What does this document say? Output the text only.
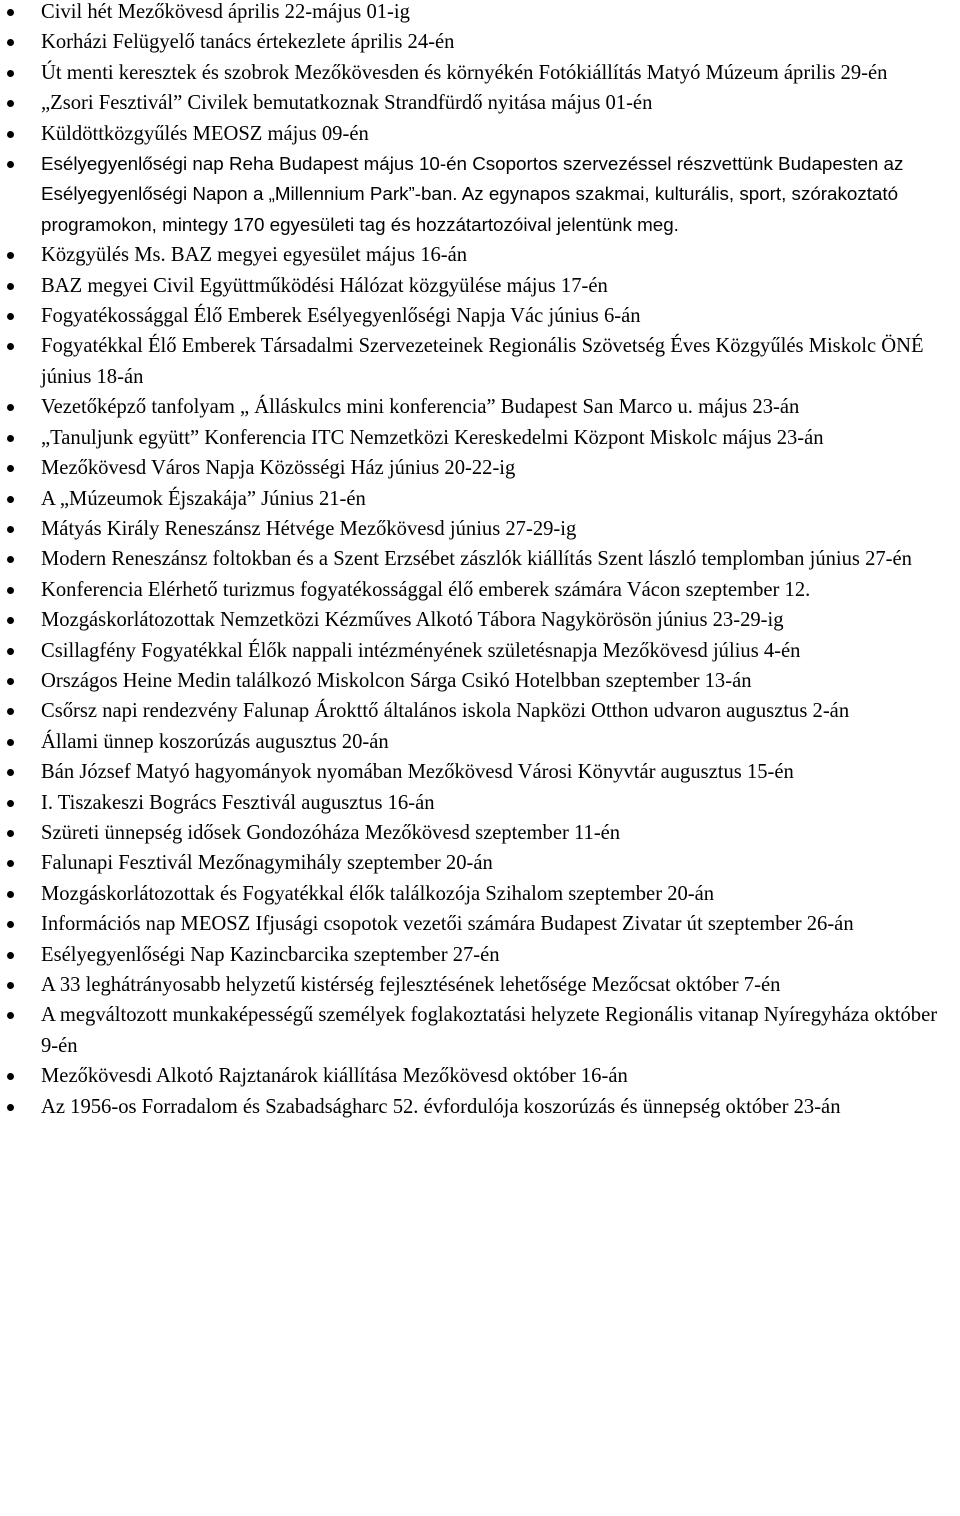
Civil hét Mezőkövesd április 22-május 01-ig
Korházi Felügyelő tanács értekezlete április 24-én
Út menti keresztek és szobrok Mezőkövesden és környékén Fotókiállítás Matyó Múzeum április 29-én
„Zsori Fesztivál” Civilek bemutatkoznak Strandfürdő nyitása május 01-én
Küldöttközgyűlés MEOSZ május 09-én
Esélyegyenlőségi nap Reha Budapest május 10-én Csoportos szervezéssel részvettünk Budapesten az Esélyegyenlőségi Napon a „Millennium Park”-ban. Az egynapos szakmai, kulturális, sport, szórakoztató programokon, mintegy 170 egyesületi tag és hozzátartozóival jelentünk meg.
Közgyülés Ms. BAZ megyei egyesület május 16-án
BAZ megyei Civil Együttműködési Hálózat közgyülése május 17-én
Fogyatékossággal Élő Emberek Esélyegyenlőségi Napja Vác június 6-án
Fogyatékkal Élő Emberek Társadalmi Szervezeteinek Regionális Szövetség Éves Közgyűlés Miskolc ÖNÉ június 18-án
Vezetőképző tanfolyam „ Álláskulcs mini konferencia” Budapest San Marco u. május 23-án
„Tanuljunk együtt” Konferencia ITC Nemzetközi Kereskedelmi Központ Miskolc május 23-án
Mezőkövesd Város Napja Közösségi Ház június 20-22-ig
A „Múzeumok Éjszakája” Június 21-én
Mátyás Király Reneszánsz Hétvége Mezőkövesd június 27-29-ig
Modern Reneszánsz foltokban és a Szent Erzsébet zászlók kiállítás Szent lászló templomban június 27-én
Konferencia Elérhető turizmus fogyatékossággal élő emberek számára Vácon szeptember 12.
Mozgáskorlátozottak Nemzetközi Kézműves Alkotó Tábora Nagykörösön június 23-29-ig
Csillagfény Fogyatékkal Élők nappali intézményének születésnapja Mezőkövesd július 4-én
Országos Heine Medin találkozó Miskolcon Sárga Csikó Hotelbban szeptember 13-án
Csőrsz napi rendezvény Falunap Árokttő általános iskola Napközi Otthon udvaron augusztus 2-án
Állami ünnep koszorúzás augusztus 20-án
Bán József Matyó hagyományok nyomában Mezőkövesd Városi Könyvtár augusztus 15-én
I. Tiszakeszi Bogrács Fesztivál augusztus 16-án
Szüreti ünnepség idősek Gondozóháza Mezőkövesd szeptember 11-én
Falunapi Fesztivál Mezőnagymihály szeptember 20-án
Mozgáskorlátozottak és Fogyatékkal élők találkozója Szihalom szeptember 20-án
Információs nap MEOSZ Ifjusági csopotok vezetői számára Budapest Zivatar út szeptember 26-án
Esélyegyenlőségi Nap Kazincbarcika szeptember 27-én
A 33 leghátrányosabb helyzetű kistérség fejlesztésének lehetősége Mezőcsat október 7-én
A megváltozott munkaképességű személyek foglakoztatási helyzete Regionális vitanap Nyíregyháza október 9-én
Mezőkövesdi Alkotó Rajztanárok kiállítása Mezőkövesd október 16-án
Az 1956-os Forradalom és Szabadságharc 52. évfordulója koszorúzás és ünnepség október 23-án
